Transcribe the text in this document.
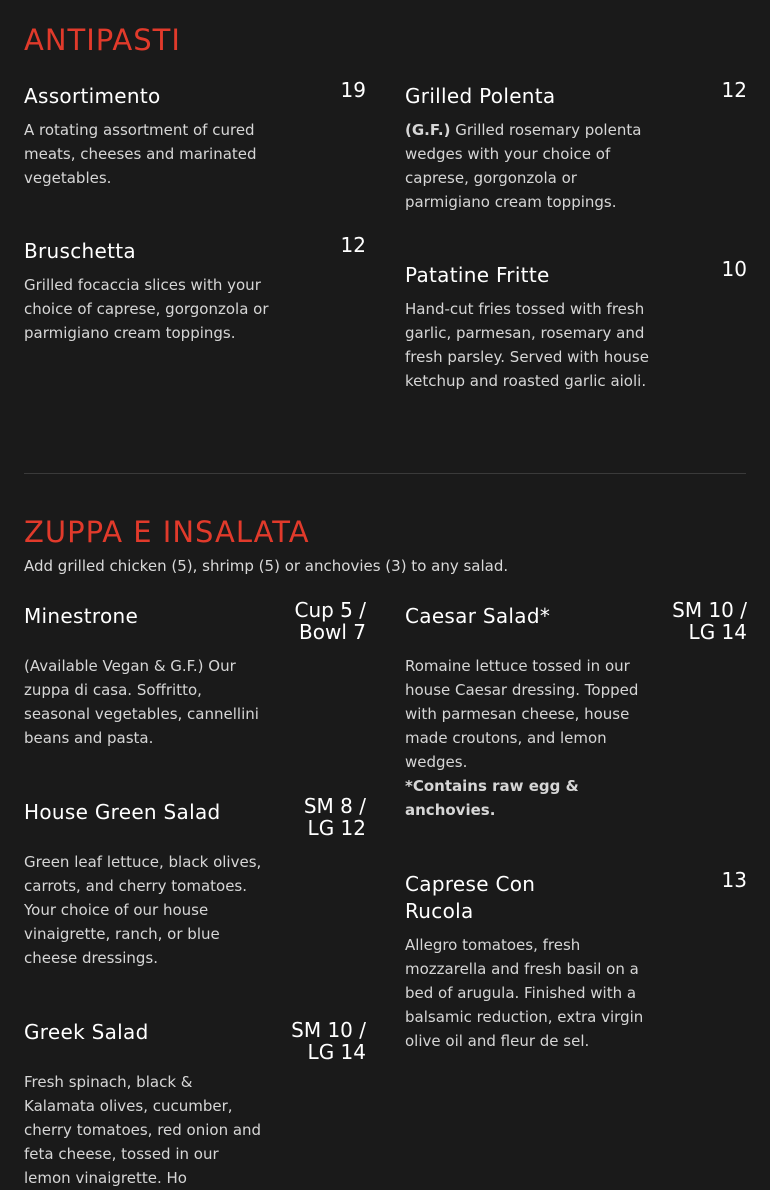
ANTIPASTI
Assortimento	19

A rotating assortment of cured meats, cheeses and marinated vegetables.

Bruschetta	12

Grilled focaccia slices with your choice of caprese, gorgonzola or parmigiano cream toppings.

Grilled Polenta	12

(G.F.) Grilled rosemary polenta wedges with your choice of caprese, gorgonzola or parmigiano cream toppings.

Patatine Fritte	10

Hand-cut fries tossed with fresh garlic, parmesan, rosemary and fresh parsley. Served with house ketchup and roasted garlic aioli.

ZUPPA E INSALATA

Add grilled chicken (5), shrimp (5) or anchovies (3) to any salad.

Minestrone	Cup 5 /
Bowl 7

(Available Vegan & G.F.) Our zuppa di casa. Soffritto, seasonal vegetables, cannellini beans and pasta.

House Green Salad	SM 8 /
LG 12

Green leaf lettuce, black olives, carrots, and cherry tomatoes. Your choice of our house vinaigrette, ranch, or blue cheese dressings.

Greek Salad	SM 10 /
LG 14

Fresh spinach, black & Kalamata olives, cucumber, cherry tomatoes, red onion and feta cheese, tossed in our lemon vinaigrette. Ho

Caesar Salad*	SM 10 /
LG 14

Romaine lettuce tossed in our house Caesar dressing. Topped with parmesan cheese, house made croutons, and lemon wedges.
*Contains raw egg & anchovies.

Caprese Con
Rucola
13

Allegro tomatoes, fresh mozzarella and fresh basil on a bed of arugula. Finished with a balsamic reduction, extra virgin olive oil and fleur de sel.
